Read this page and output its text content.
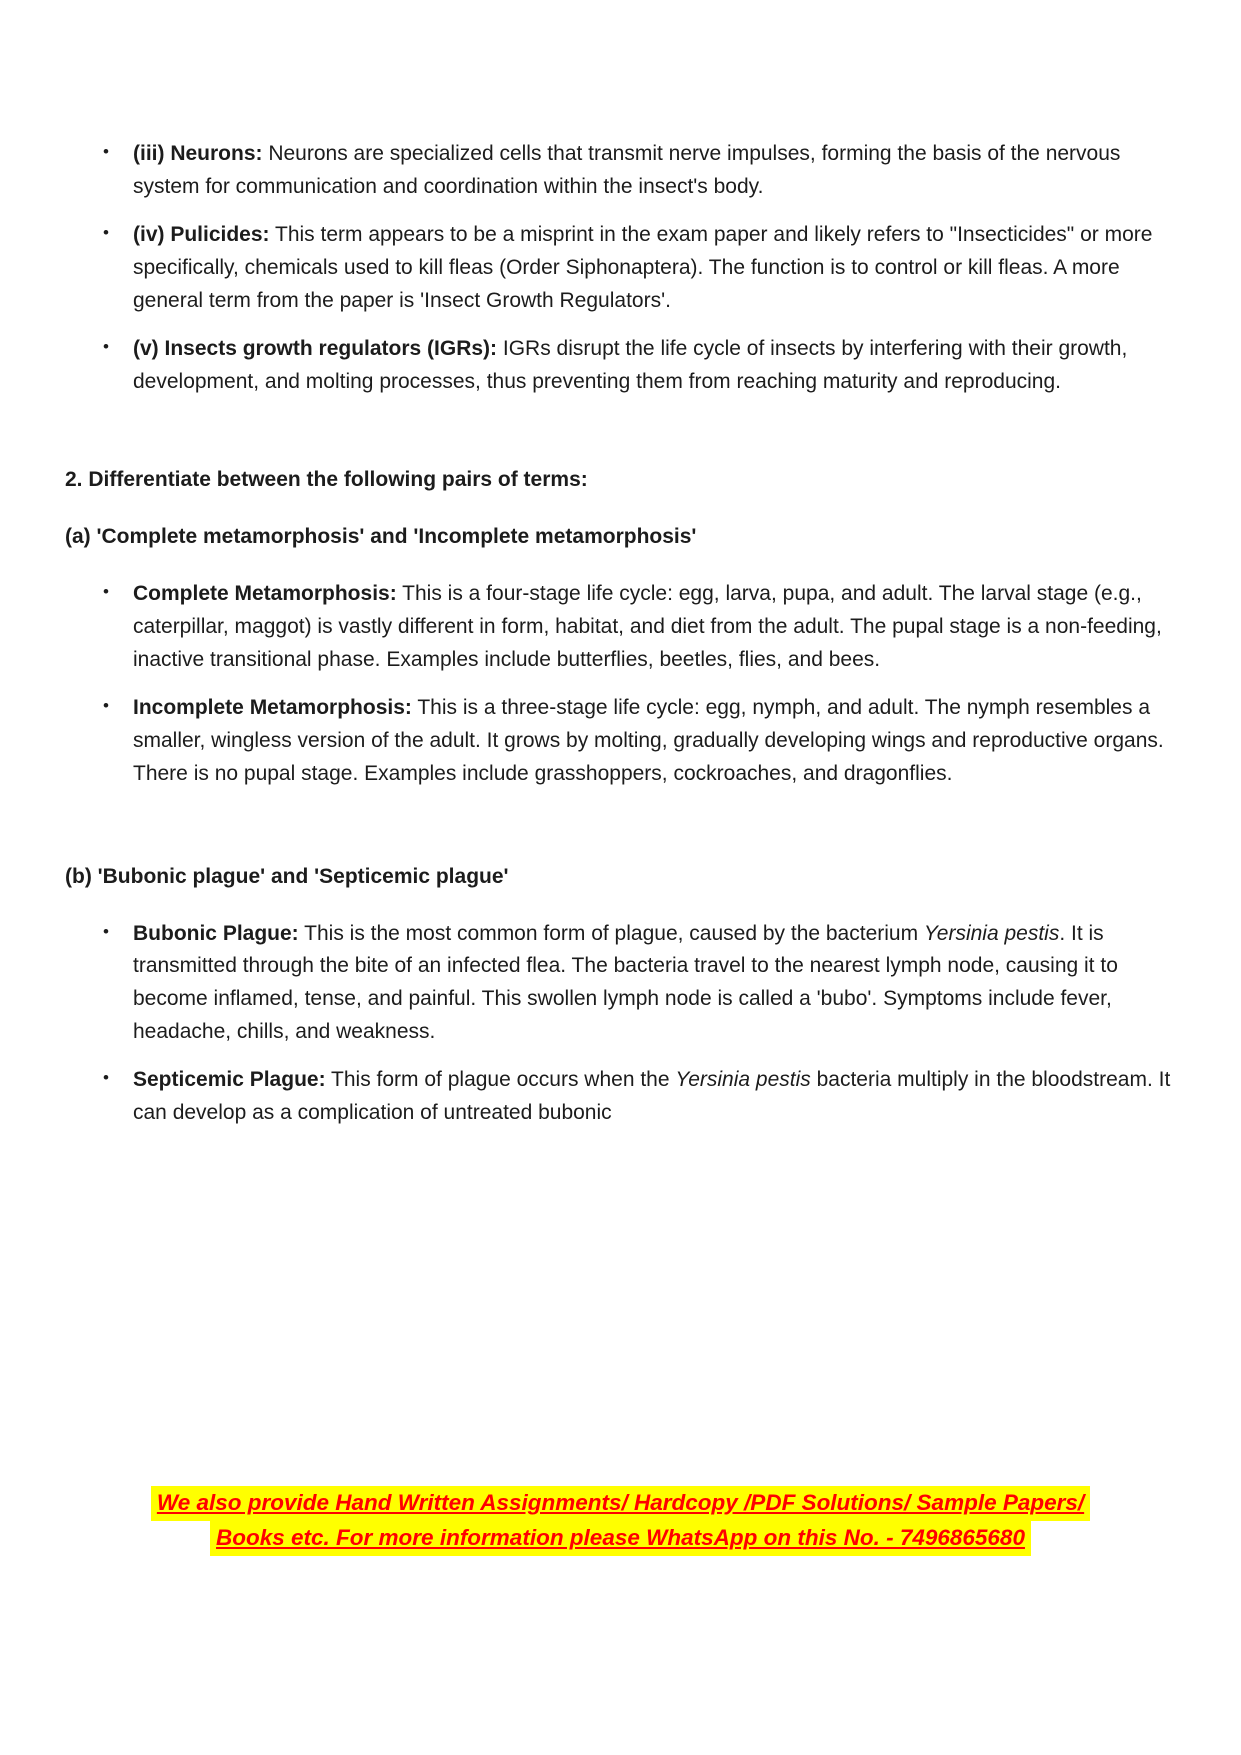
• (iii) Neurons: Neurons are specialized cells that transmit nerve impulses, forming the basis of the nervous system for communication and coordination within the insect's body.
• (iv) Pulicides: This term appears to be a misprint in the exam paper and likely refers to "Insecticides" or more specifically, chemicals used to kill fleas (Order Siphonaptera). The function is to control or kill fleas. A more general term from the paper is 'Insect Growth Regulators'.
• (v) Insects growth regulators (IGRs): IGRs disrupt the life cycle of insects by interfering with their growth, development, and molting processes, thus preventing them from reaching maturity and reproducing.
2. Differentiate between the following pairs of terms:
(a) 'Complete metamorphosis' and 'Incomplete metamorphosis'
• Complete Metamorphosis: This is a four-stage life cycle: egg, larva, pupa, and adult. The larval stage (e.g., caterpillar, maggot) is vastly different in form, habitat, and diet from the adult. The pupal stage is a non-feeding, inactive transitional phase. Examples include butterflies, beetles, flies, and bees.
• Incomplete Metamorphosis: This is a three-stage life cycle: egg, nymph, and adult. The nymph resembles a smaller, wingless version of the adult. It grows by molting, gradually developing wings and reproductive organs. There is no pupal stage. Examples include grasshoppers, cockroaches, and dragonflies.
(b) 'Bubonic plague' and 'Septicemic plague'
• Bubonic Plague: This is the most common form of plague, caused by the bacterium Yersinia pestis. It is transmitted through the bite of an infected flea. The bacteria travel to the nearest lymph node, causing it to become inflamed, tense, and painful. This swollen lymph node is called a 'bubo'. Symptoms include fever, headache, chills, and weakness.
• Septicemic Plague: This form of plague occurs when the Yersinia pestis bacteria multiply in the bloodstream. It can develop as a complication of untreated bubonic
We also provide Hand Written Assignments/ Hardcopy /PDF Solutions/ Sample Papers/
Books etc. For more information please WhatsApp on this No. - 7496865680
